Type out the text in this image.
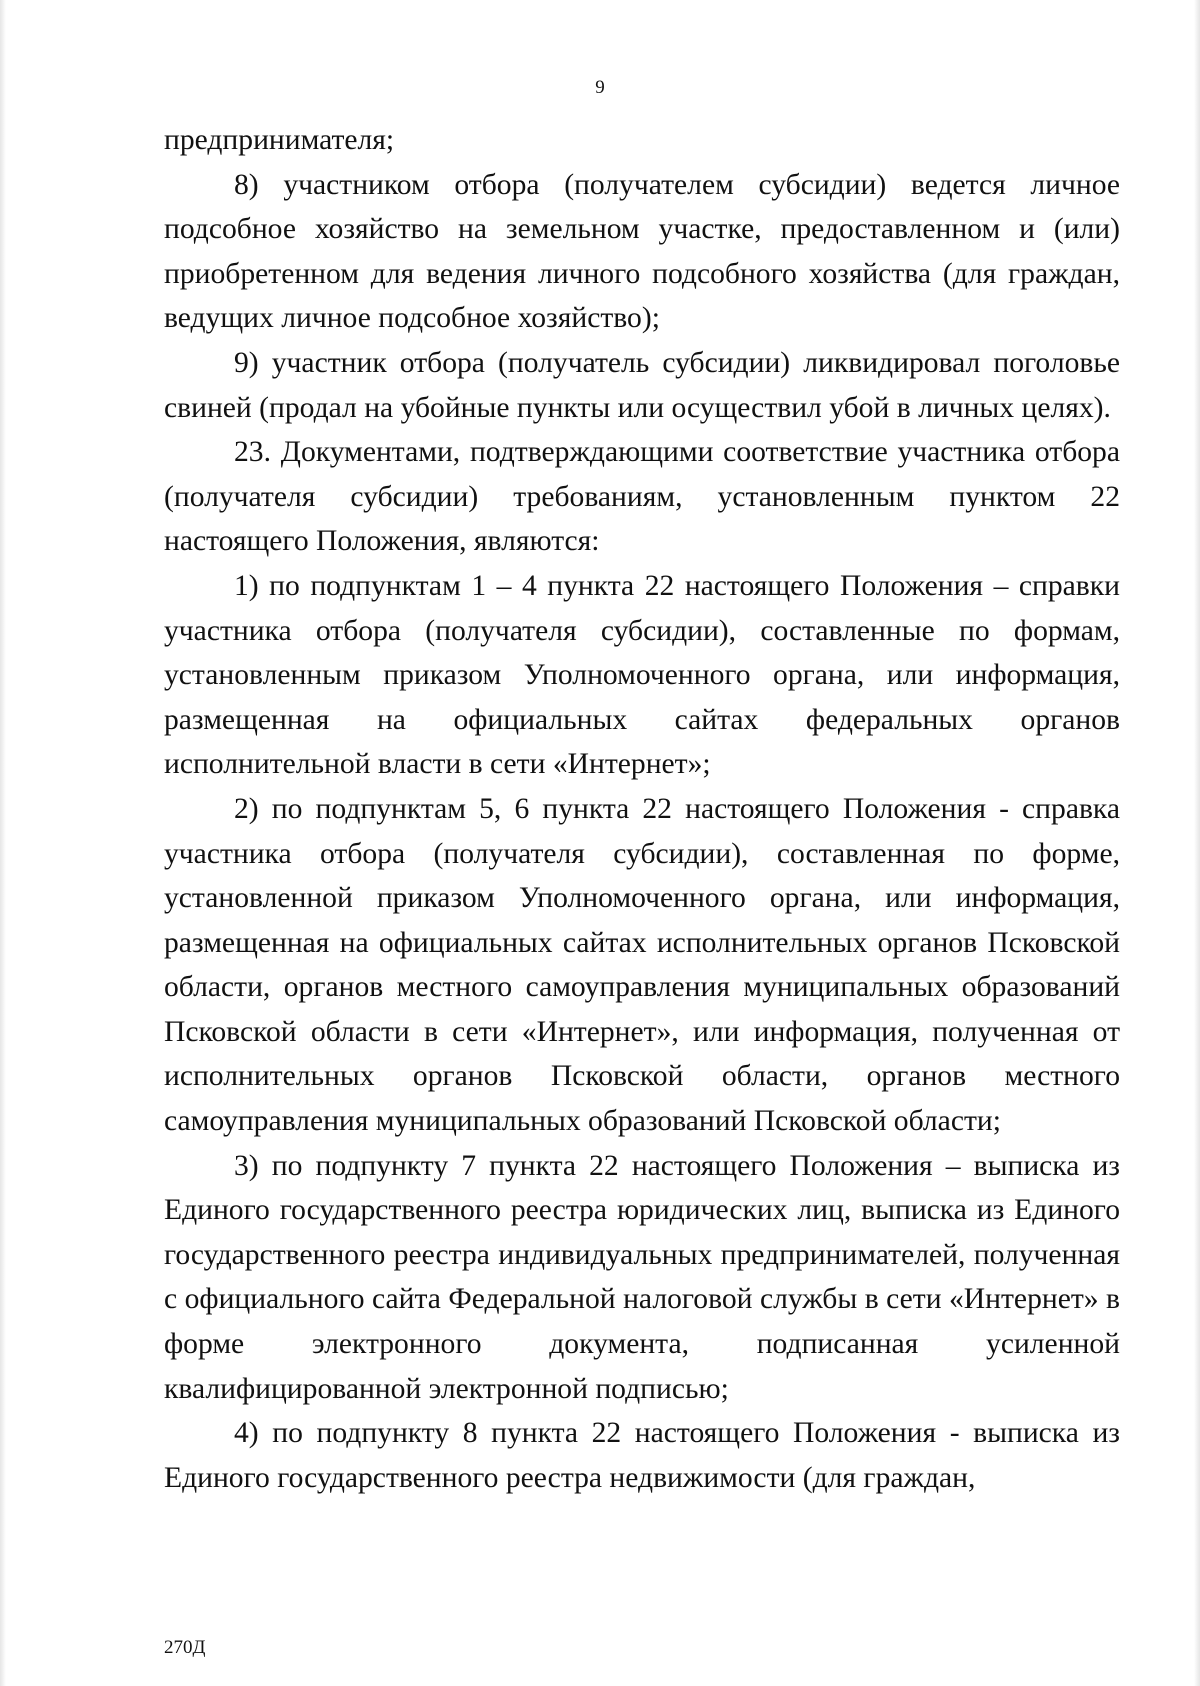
9

предпринимателя;

8) участником отбора (получателем субсидии) ведется личное подсобное хозяйство на земельном участке, предоставленном и (или) приобретенном для ведения личного подсобного хозяйства (для граждан, ведущих личное подсобное хозяйство);

9) участник отбора (получатель субсидии) ликвидировал поголовье свиней (продал на убойные пункты или осуществил убой в личных целях).

23. Документами, подтверждающими соответствие участника отбора (получателя субсидии) требованиям, установленным пунктом 22 настоящего Положения, являются:

1) по подпунктам 1 – 4 пункта 22 настоящего Положения – справки участника отбора (получателя субсидии), составленные по формам, установленным приказом Уполномоченного органа, или информация, размещенная на официальных сайтах федеральных органов исполнительной власти в сети «Интернет»;

2) по подпунктам 5, 6 пункта 22 настоящего Положения - справка участника отбора (получателя субсидии), составленная по форме, установленной приказом Уполномоченного органа, или информация, размещенная на официальных сайтах исполнительных органов Псковской области, органов местного самоуправления муниципальных образований Псковской области в сети «Интернет», или информация, полученная от исполнительных органов Псковской области, органов местного самоуправления муниципальных образований Псковской области;

3) по подпункту 7 пункта 22 настоящего Положения – выписка из Единого государственного реестра юридических лиц, выписка из Единого государственного реестра индивидуальных предпринимателей, полученная с официального сайта Федеральной налоговой службы в сети «Интернет» в форме электронного документа, подписанная усиленной квалифицированной электронной подписью;

4) по подпункту 8 пункта 22 настоящего Положения - выписка из Единого государственного реестра недвижимости (для граждан,

270Д
